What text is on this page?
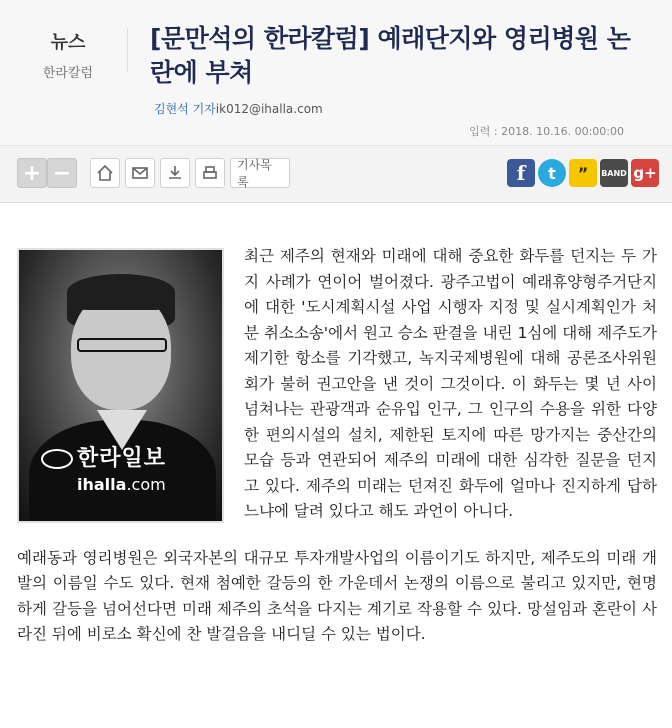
뉴스
한라칼럼
[문만석의 한라칼럼] 예래단지와 영리병원 논란에 부쳐
김현석 기자ik012@ihalla.com
입력 : 2018. 10.16. 00:00:00
+ −	기사목록	f	t	”	BAND g+
한라일보
ihalla.com

최근 제주의 현재와 미래에 대해 중요한 화두를 던지는 두 가지 사례가 연이어 벌어졌다. 광주고법이 예래휴양형주거단지에 대한 '도시계획시설 사업 시행자 지정 및 실시계획인가 처분 취소소송'에서 원고 승소 판결을 내린 1심에 대해 제주도가 제기한 항소를 기각했고, 녹지국제병원에 대해 공론조사위원회가 불허 권고안을 낸 것이 그것이다. 이 화두는 몇 년 사이 넘쳐나는 관광객과 순유입 인구, 그 인구의 수용을 위한 다양한 편의시설의 설치, 제한된 토지에 따른 망가지는 중산간의 모습 등과 연관되어 제주의 미래에 대한 심각한 질문을 던지고 있다. 제주의 미래는 던져진 화두에 얼마나 진지하게 답하느냐에 달려 있다고 해도 과언이 아니다.

예래동과 영리병원은 외국자본의 대규모 투자개발사업의 이름이기도 하지만, 제주도의 미래 개발의 이름일 수도 있다. 현재 첨예한 갈등의 한 가운데서 논쟁의 이름으로 불리고 있지만, 현명하게 갈등을 넘어선다면 미래 제주의 초석을 다지는 계기로 작용할 수 있다. 망설임과 혼란이 사라진 뒤에 비로소 확신에 찬 발걸음을 내디딜 수 있는 법이다.
